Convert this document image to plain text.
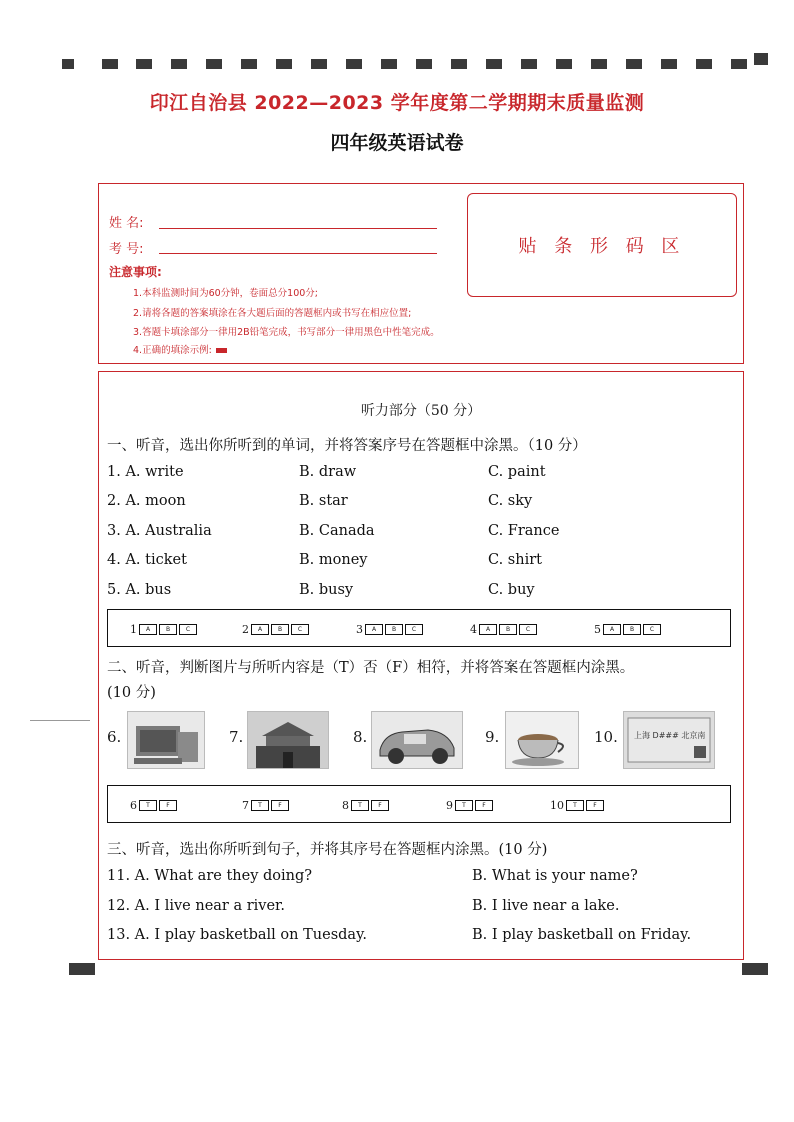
印江自治县 2022—2023 学年度第二学期期末质量监测
四年级英语试卷
姓 名:
考 号:	贴 条 形 码 区
注意事项:
1.本科监测时间为60分钟，卷面总分100分;
2.请将各题的答案填涂在各大题后面的答题框内或书写在相应位置;
3.答题卡填涂部分一律用2B铅笔完成，书写部分一律用黑色中性笔完成。
4.正确的填涂示例:
听力部分（50 分）
一、听音，选出你所听到的单词，并将答案序号在答题框中涂黑。（10 分）
1. A. write	B. draw	C. paint
2. A. moon	B. star	C. sky
3. A. Australia	B. Canada	C. France
4. A. ticket	B. money	C. shirt
5. A. bus	B. busy	C. buy
1	A	B	C	2	A	B	C	3	A	B	C	4	A	B	C	5	A	B	C
二、听音，判断图片与所听内容是（T）否（F）相符，并将答案在答题框内涂黑。
(10 分)
6.	7.	8.	9.	10. 上海 D### 北京南
6	T	F	7	T	F	8	T	F	9	T	F	10	T	F
三、听音，选出你所听到句子，并将其序号在答题框内涂黑。(10 分)
11. A. What are they doing?	B. What is your name?
12. A. I live near a river.	B. I live near a lake.
13. A. I play basketball on Tuesday.	B. I play basketball on Friday.
